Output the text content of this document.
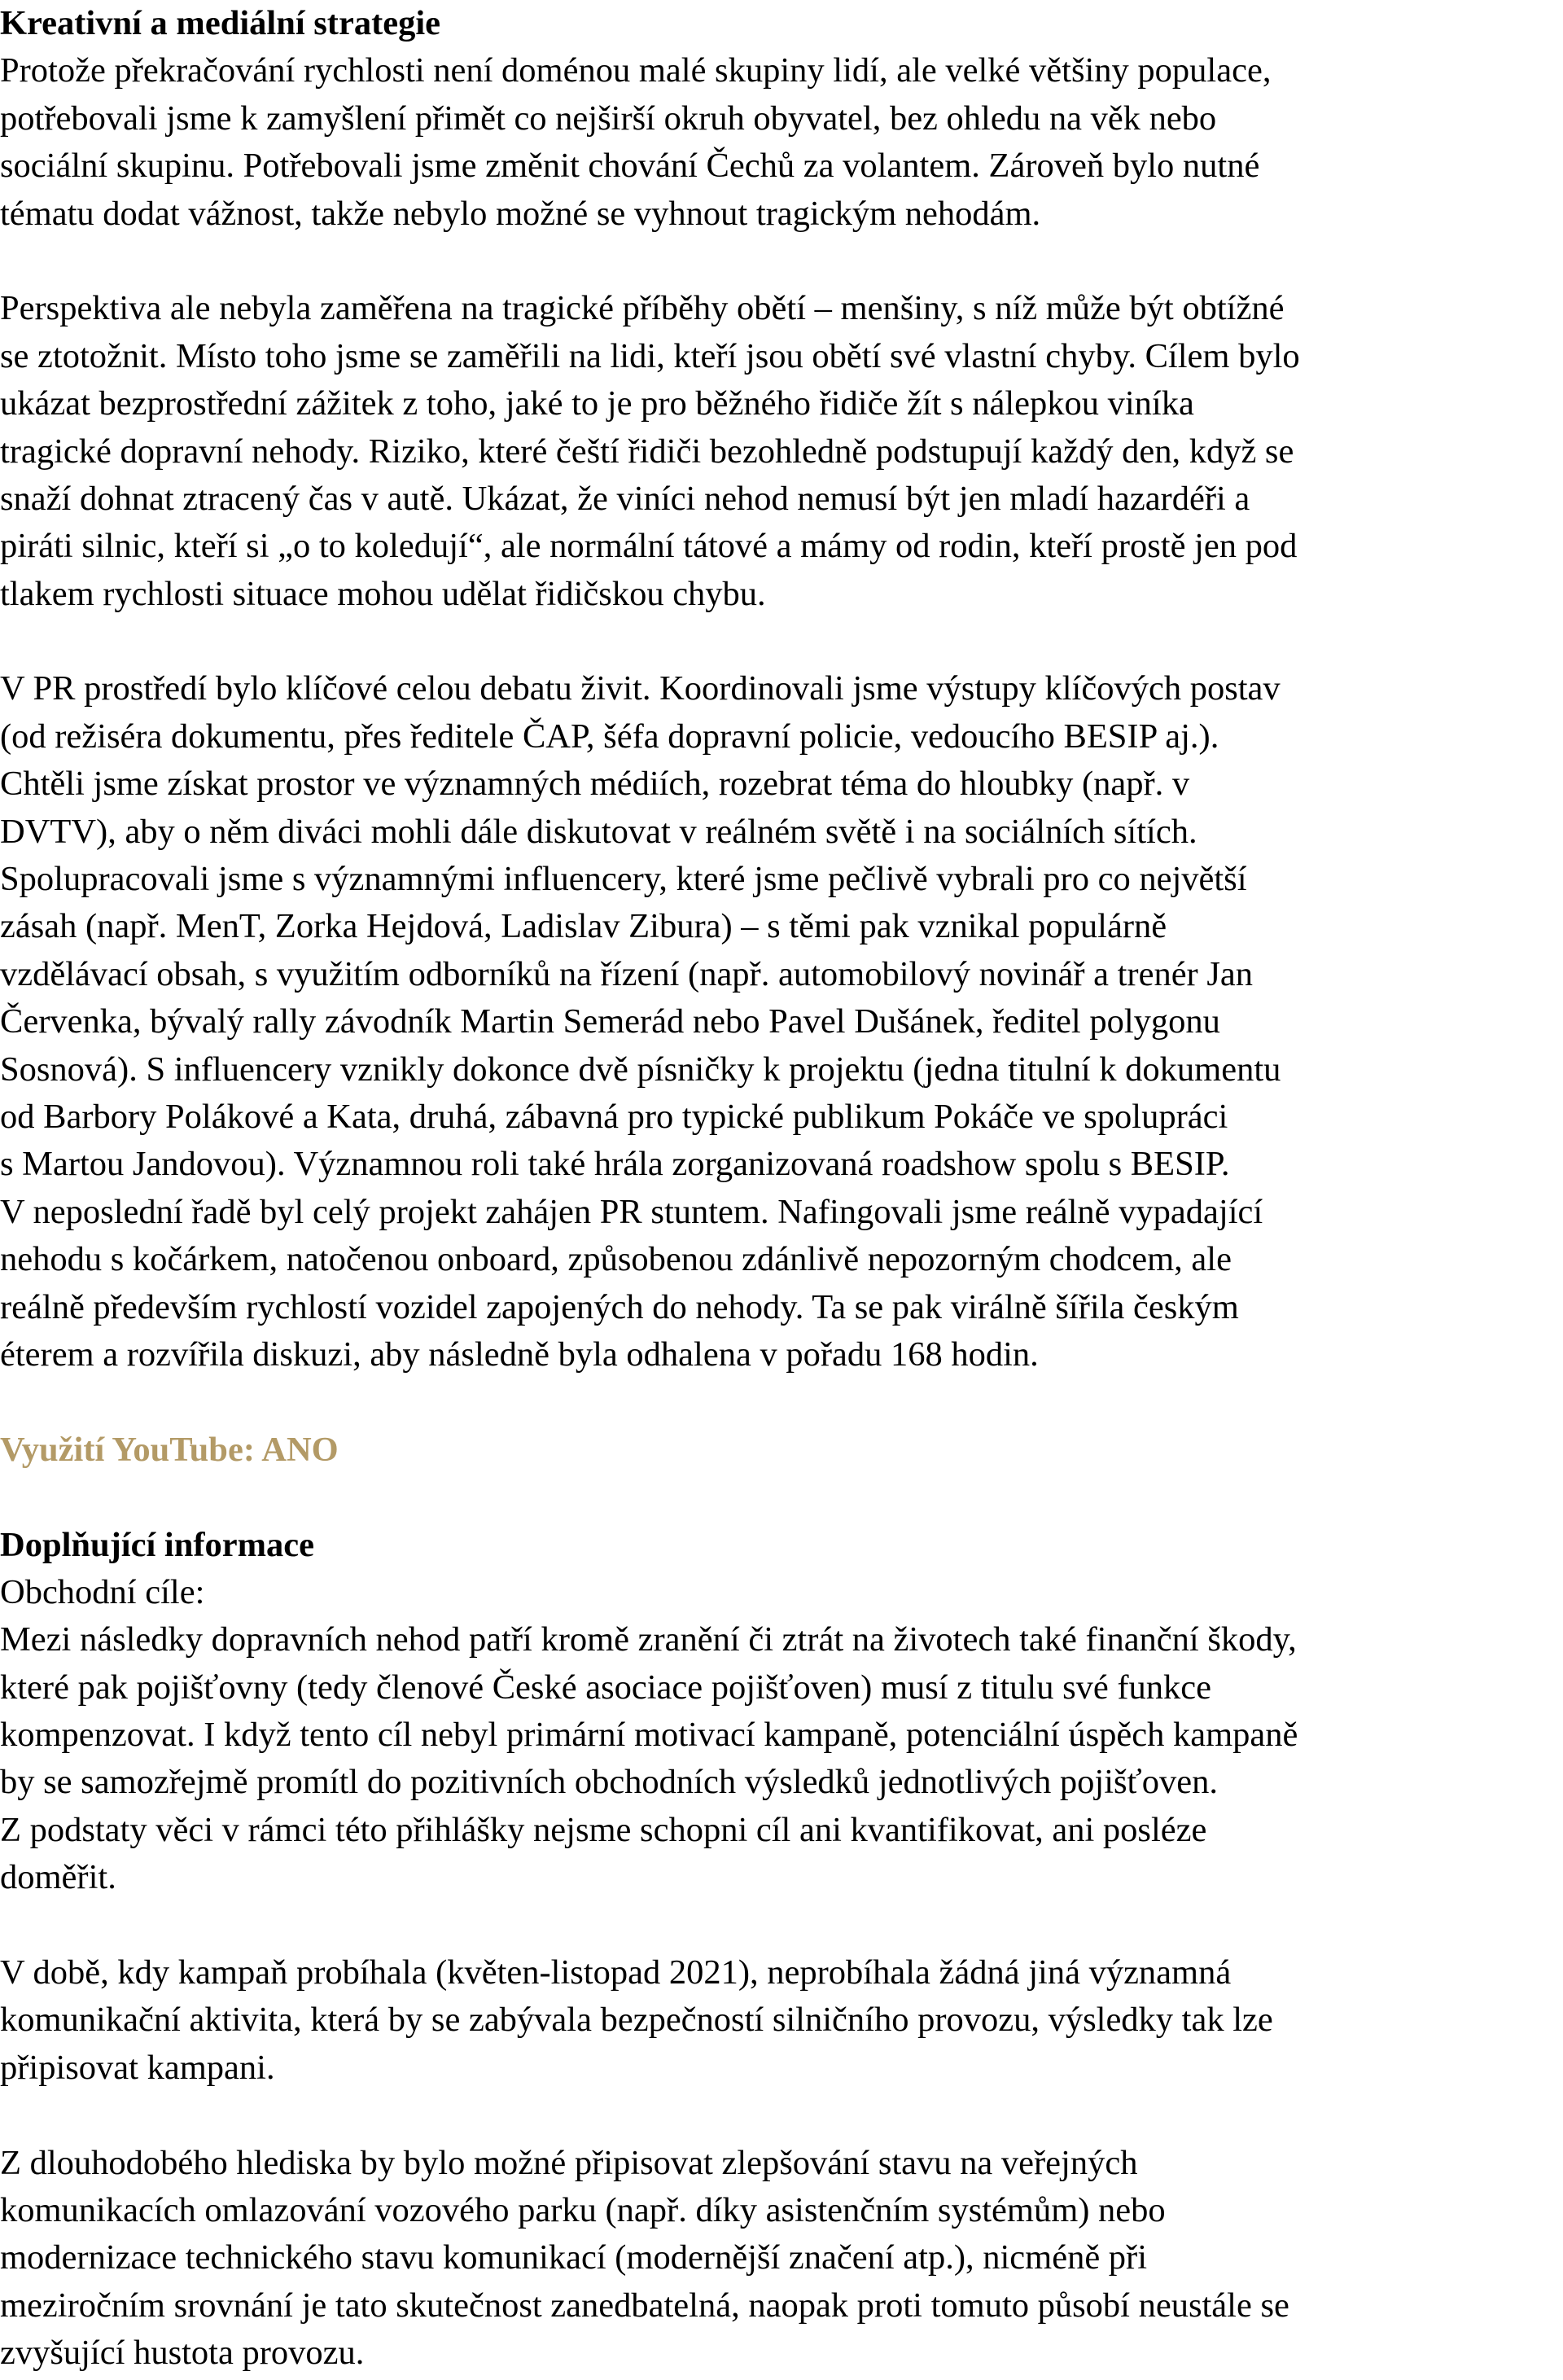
Kreativní a mediální strategie
Protože překračování rychlosti není doménou malé skupiny lidí, ale velké většiny populace,
potřebovali jsme k zamyšlení přimět co nejširší okruh obyvatel, bez ohledu na věk nebo
sociální skupinu. Potřebovali jsme změnit chování Čechů za volantem. Zároveň bylo nutné
tématu dodat vážnost, takže nebylo možné se vyhnout tragickým nehodám.
Perspektiva ale nebyla zaměřena na tragické příběhy obětí – menšiny, s níž může být obtížné
se ztotožnit. Místo toho jsme se zaměřili na lidi, kteří jsou obětí své vlastní chyby. Cílem bylo
ukázat bezprostřední zážitek z toho, jaké to je pro běžného řidiče žít s nálepkou viníka
tragické dopravní nehody. Riziko, které čeští řidiči bezohledně podstupují každý den, když se
snaží dohnat ztracený čas v autě. Ukázat, že viníci nehod nemusí být jen mladí hazardéři a
piráti silnic, kteří si „o to koledují“, ale normální tátové a mámy od rodin, kteří prostě jen pod
tlakem rychlosti situace mohou udělat řidičskou chybu.
V PR prostředí bylo klíčové celou debatu živit. Koordinovali jsme výstupy klíčových postav
(od režiséra dokumentu, přes ředitele ČAP, šéfa dopravní policie, vedoucího BESIP aj.).
Chtěli jsme získat prostor ve významných médiích, rozebrat téma do hloubky (např. v
DVTV), aby o něm diváci mohli dále diskutovat v reálném světě i na sociálních sítích.
Spolupracovali jsme s významnými influencery, které jsme pečlivě vybrali pro co největší
zásah (např. MenT, Zorka Hejdová, Ladislav Zibura) – s těmi pak vznikal populárně
vzdělávací obsah, s využitím odborníků na řízení (např. automobilový novinář a trenér Jan
Červenka, bývalý rally závodník Martin Semerád nebo Pavel Dušánek, ředitel polygonu
Sosnová). S influencery vznikly dokonce dvě písničky k projektu (jedna titulní k dokumentu
od Barbory Polákové a Kata, druhá, zábavná pro typické publikum Pokáče ve spolupráci
s Martou Jandovou). Významnou roli také hrála zorganizovaná roadshow spolu s BESIP.
V neposlední řadě byl celý projekt zahájen PR stuntem. Nafingovali jsme reálně vypadající
nehodu s kočárkem, natočenou onboard, způsobenou zdánlivě nepozorným chodcem, ale
reálně především rychlostí vozidel zapojených do nehody. Ta se pak virálně šířila českým
éterem a rozvířila diskuzi, aby následně byla odhalena v pořadu 168 hodin.
Využití YouTube: ANO
Doplňující informace
Obchodní cíle:
Mezi následky dopravních nehod patří kromě zranění či ztrát na životech také finanční škody,
které pak pojišťovny (tedy členové České asociace pojišťoven) musí z titulu své funkce
kompenzovat. I když tento cíl nebyl primární motivací kampaně, potenciální úspěch kampaně
by se samozřejmě promítl do pozitivních obchodních výsledků jednotlivých pojišťoven.
Z podstaty věci v rámci této přihlášky nejsme schopni cíl ani kvantifikovat, ani posléze
doměřit.
V době, kdy kampaň probíhala (květen-listopad 2021), neprobíhala žádná jiná významná
komunikační aktivita, která by se zabývala bezpečností silničního provozu, výsledky tak lze
připisovat kampani.
Z dlouhodobého hlediska by bylo možné připisovat zlepšování stavu na veřejných
komunikacích omlazování vozového parku (např. díky asistenčním systémům) nebo
modernizace technického stavu komunikací (modernější značení atp.), nicméně při
meziročním srovnání je tato skutečnost zanedbatelná, naopak proti tomuto působí neustále se
zvyšující hustota provozu.
